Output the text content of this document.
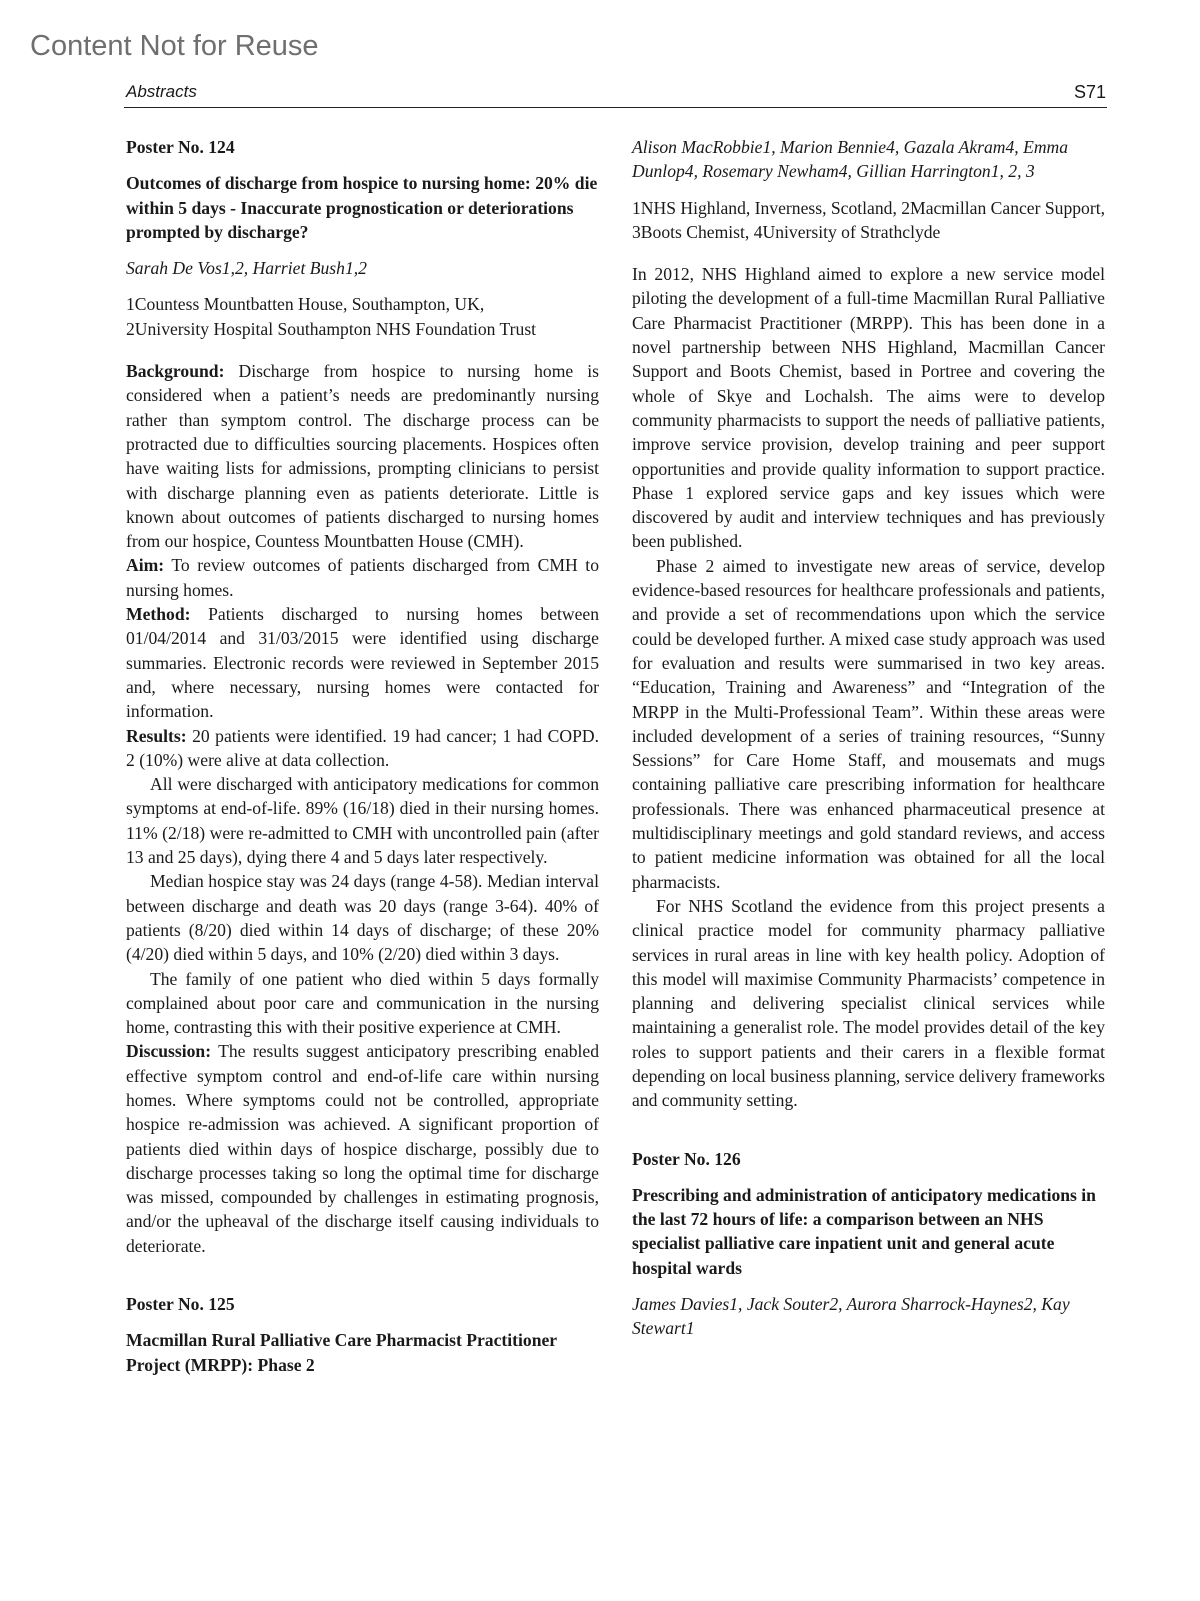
Content Not for Reuse
Abstracts	S71
Poster No. 124
Outcomes of discharge from hospice to nursing home: 20% die within 5 days - Inaccurate prognostication or deteriorations prompted by discharge?
Sarah De Vos1,2, Harriet Bush1,2
1Countess Mountbatten House, Southampton, UK,
2University Hospital Southampton NHS Foundation Trust

Background: Discharge from hospice to nursing home is considered when a patient’s needs are predominantly nursing rather than symptom control. The discharge process can be protracted due to difficulties sourcing placements. Hospices often have waiting lists for admissions, prompting clinicians to persist with discharge planning even as patients deteriorate. Little is known about outcomes of patients discharged to nursing homes from our hospice, Countess Mountbatten House (CMH).

Aim: To review outcomes of patients discharged from CMH to nursing homes.

Method: Patients discharged to nursing homes between 01/04/2014 and 31/03/2015 were identified using discharge summaries. Electronic records were reviewed in September 2015 and, where necessary, nursing homes were contacted for information.

Results: 20 patients were identified. 19 had cancer; 1 had COPD. 2 (10%) were alive at data collection.

All were discharged with anticipatory medications for common symptoms at end-of-life. 89% (16/18) died in their nursing homes. 11% (2/18) were re-admitted to CMH with uncontrolled pain (after 13 and 25 days), dying there 4 and 5 days later respectively.

Median hospice stay was 24 days (range 4-58). Median interval between discharge and death was 20 days (range 3-64). 40% of patients (8/20) died within 14 days of discharge; of these 20% (4/20) died within 5 days, and 10% (2/20) died within 3 days.

The family of one patient who died within 5 days formally complained about poor care and communication in the nursing home, contrasting this with their positive experience at CMH.

Discussion: The results suggest anticipatory prescribing enabled effective symptom control and end-of-life care within nursing homes. Where symptoms could not be controlled, appropriate hospice re-admission was achieved. A significant proportion of patients died within days of hospice discharge, possibly due to discharge processes taking so long the optimal time for discharge was missed, compounded by challenges in estimating prognosis, and/or the upheaval of the discharge itself causing individuals to deteriorate.

Poster No. 125
Macmillan Rural Palliative Care Pharmacist Practitioner Project (MRPP): Phase 2
Alison MacRobbie1, Marion Bennie4, Gazala Akram4, Emma Dunlop4, Rosemary Newham4, Gillian Harrington1, 2, 3
1NHS Highland, Inverness, Scotland, 2Macmillan Cancer Support, 3Boots Chemist, 4University of Strathclyde

In 2012, NHS Highland aimed to explore a new service model piloting the development of a full-time Macmillan Rural Palliative Care Pharmacist Practitioner (MRPP). This has been done in a novel partnership between NHS Highland, Macmillan Cancer Support and Boots Chemist, based in Portree and covering the whole of Skye and Lochalsh. The aims were to develop community pharmacists to support the needs of palliative patients, improve service provision, develop training and peer support opportunities and provide quality information to support practice. Phase 1 explored service gaps and key issues which were discovered by audit and interview techniques and has previously been published.

Phase 2 aimed to investigate new areas of service, develop evidence-based resources for healthcare professionals and patients, and provide a set of recommendations upon which the service could be developed further. A mixed case study approach was used for evaluation and results were summarised in two key areas. “Education, Training and Awareness” and “Integration of the MRPP in the Multi-Professional Team”. Within these areas were included development of a series of training resources, “Sunny Sessions” for Care Home Staff, and mousemats and mugs containing palliative care prescribing information for healthcare professionals. There was enhanced pharmaceutical presence at multidisciplinary meetings and gold standard reviews, and access to patient medicine information was obtained for all the local pharmacists.

For NHS Scotland the evidence from this project presents a clinical practice model for community pharmacy palliative services in rural areas in line with key health policy. Adoption of this model will maximise Community Pharmacists’ competence in planning and delivering specialist clinical services while maintaining a generalist role. The model provides detail of the key roles to support patients and their carers in a flexible format depending on local business planning, service delivery frameworks and community setting.

Poster No. 126
Prescribing and administration of anticipatory medications in the last 72 hours of life: a comparison between an NHS specialist palliative care inpatient unit and general acute hospital wards
James Davies1, Jack Souter2, Aurora Sharrock-Haynes2, Kay Stewart1
